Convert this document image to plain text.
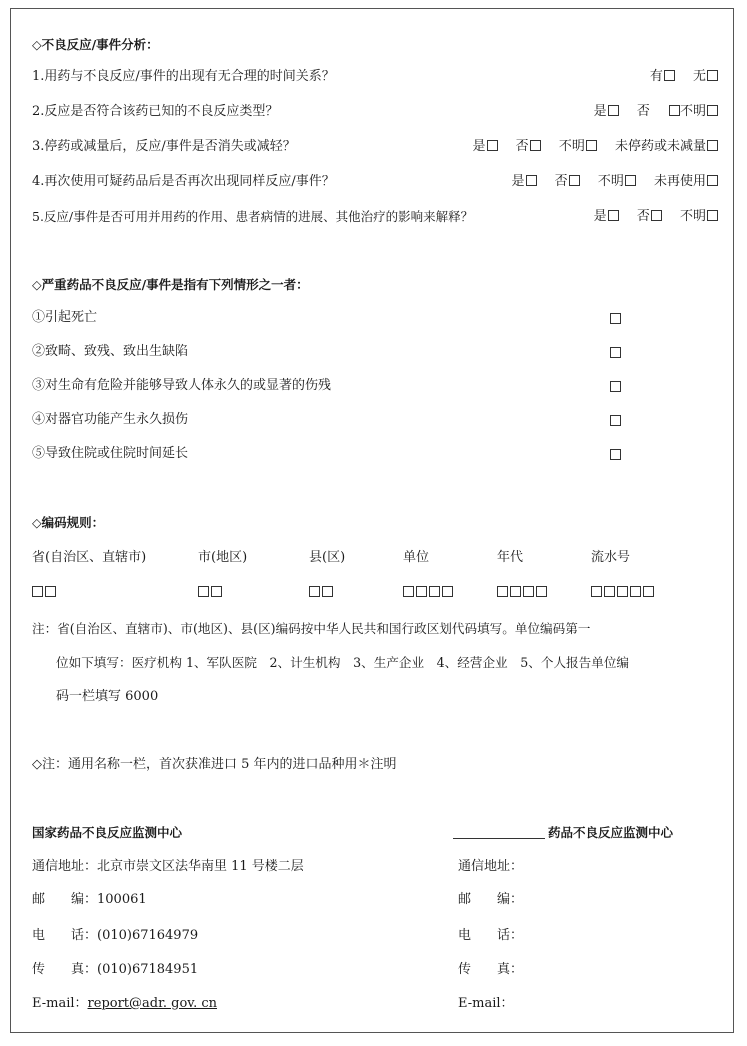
◇不良反应/事件分析：
1.用药与不良反应/事件的出现有无合理的时间关系？	有 无
2.反应是否符合该药已知的不良反应类型？	是 否 不明
3.停药或减量后，反应/事件是否消失或减轻？	是 否 不明 未停药或未减量
4.再次使用可疑药品后是否再次出现同样反应/事件？	是 否 不明 未再使用
5.反应/事件是否可用并用药的作用、患者病情的进展、其他治疗的影响来解释？	是 否 不明
◇严重药品不良反应/事件是指有下列情形之一者：
①引起死亡
②致畸、致残、致出生缺陷
③对生命有危险并能够导致人体永久的或显著的伤残
④对器官功能产生永久损伤
⑤导致住院或住院时间延长
◇编码规则：
省(自治区、直辖市)	市(地区)	县(区)	单位	年代	流水号
注：省(自治区、直辖市)、市(地区)、县(区)编码按中华人民共和国行政区划代码填写。单位编码第一
位如下填写：医疗机构 1、军队医院　2、计生机构　3、生产企业　4、经营企业　5、个人报告单位编
码一栏填写 6000
◇注：通用名称一栏，首次获准进口 5 年内的进口品种用＊注明
国家药品不良反应监测中心
通信地址：北京市崇文区法华南里 11 号楼二层
邮　　编：100061
电　　话：(010)67164979
传　　真：(010)67184951
E-mail：report@adr. gov. cn
药品不良反应监测中心
通信地址：
邮　　编：
电　　话：
传　　真：
E-mail：
